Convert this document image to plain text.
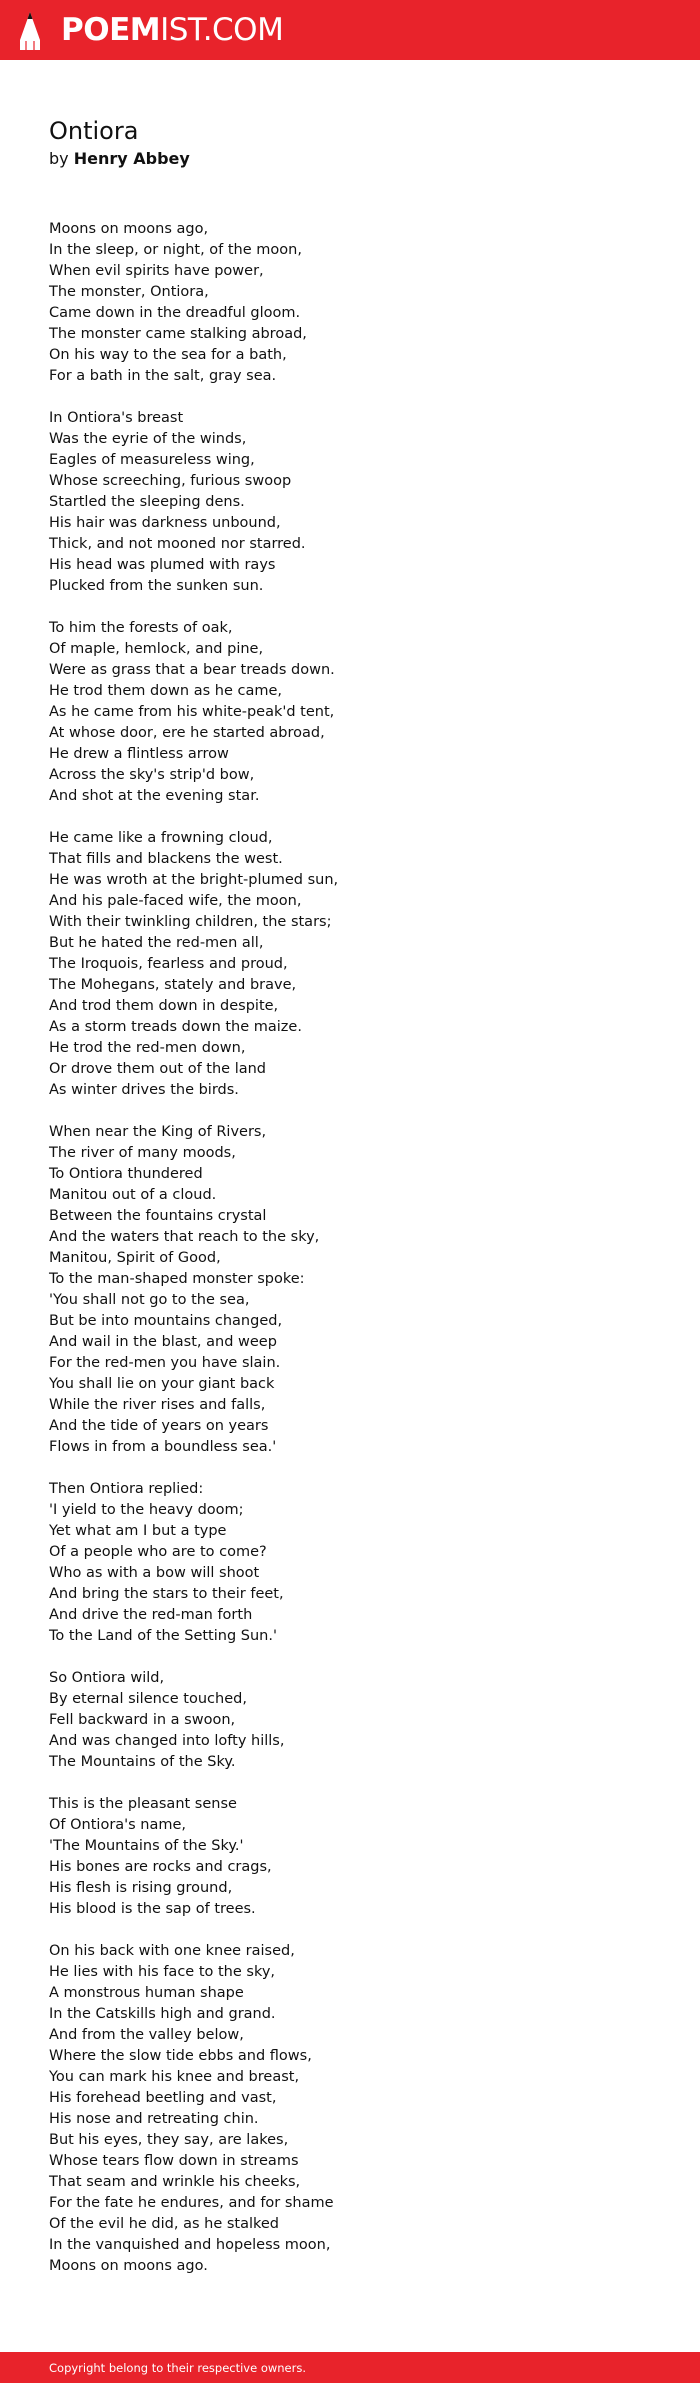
POEMIST.COM
Ontiora
by Henry Abbey
Moons on moons ago,
In the sleep, or night, of the moon,
When evil spirits have power,
The monster, Ontiora,
Came down in the dreadful gloom.
The monster came stalking abroad,
On his way to the sea for a bath,
For a bath in the salt, gray sea.
In Ontiora's breast
Was the eyrie of the winds,
Eagles of measureless wing,
Whose screeching, furious swoop
Startled the sleeping dens.
His hair was darkness unbound,
Thick, and not mooned nor starred.
His head was plumed with rays
Plucked from the sunken sun.
To him the forests of oak,
Of maple, hemlock, and pine,
Were as grass that a bear treads down.
He trod them down as he came,
As he came from his white-peak'd tent,
At whose door, ere he started abroad,
He drew a flintless arrow
Across the sky's strip'd bow,
And shot at the evening star.
He came like a frowning cloud,
That fills and blackens the west.
He was wroth at the bright-plumed sun,
And his pale-faced wife, the moon,
With their twinkling children, the stars;
But he hated the red-men all,
The Iroquois, fearless and proud,
The Mohegans, stately and brave,
And trod them down in despite,
As a storm treads down the maize.
He trod the red-men down,
Or drove them out of the land
As winter drives the birds.
When near the King of Rivers,
The river of many moods,
To Ontiora thundered
Manitou out of a cloud.
Between the fountains crystal
And the waters that reach to the sky,
Manitou, Spirit of Good,
To the man-shaped monster spoke:
'You shall not go to the sea,
But be into mountains changed,
And wail in the blast, and weep
For the red-men you have slain.
You shall lie on your giant back
While the river rises and falls,
And the tide of years on years
Flows in from a boundless sea.'
Then Ontiora replied:
'I yield to the heavy doom;
Yet what am I but a type
Of a people who are to come?
Who as with a bow will shoot
And bring the stars to their feet,
And drive the red-man forth
To the Land of the Setting Sun.'
So Ontiora wild,
By eternal silence touched,
Fell backward in a swoon,
And was changed into lofty hills,
The Mountains of the Sky.
This is the pleasant sense
Of Ontiora's name,
'The Mountains of the Sky.'
His bones are rocks and crags,
His flesh is rising ground,
His blood is the sap of trees.
On his back with one knee raised,
He lies with his face to the sky,
A monstrous human shape
In the Catskills high and grand.
And from the valley below,
Where the slow tide ebbs and flows,
You can mark his knee and breast,
His forehead beetling and vast,
His nose and retreating chin.
But his eyes, they say, are lakes,
Whose tears flow down in streams
That seam and wrinkle his cheeks,
For the fate he endures, and for shame
Of the evil he did, as he stalked
In the vanquished and hopeless moon,
Moons on moons ago.
Copyright belong to their respective owners.
